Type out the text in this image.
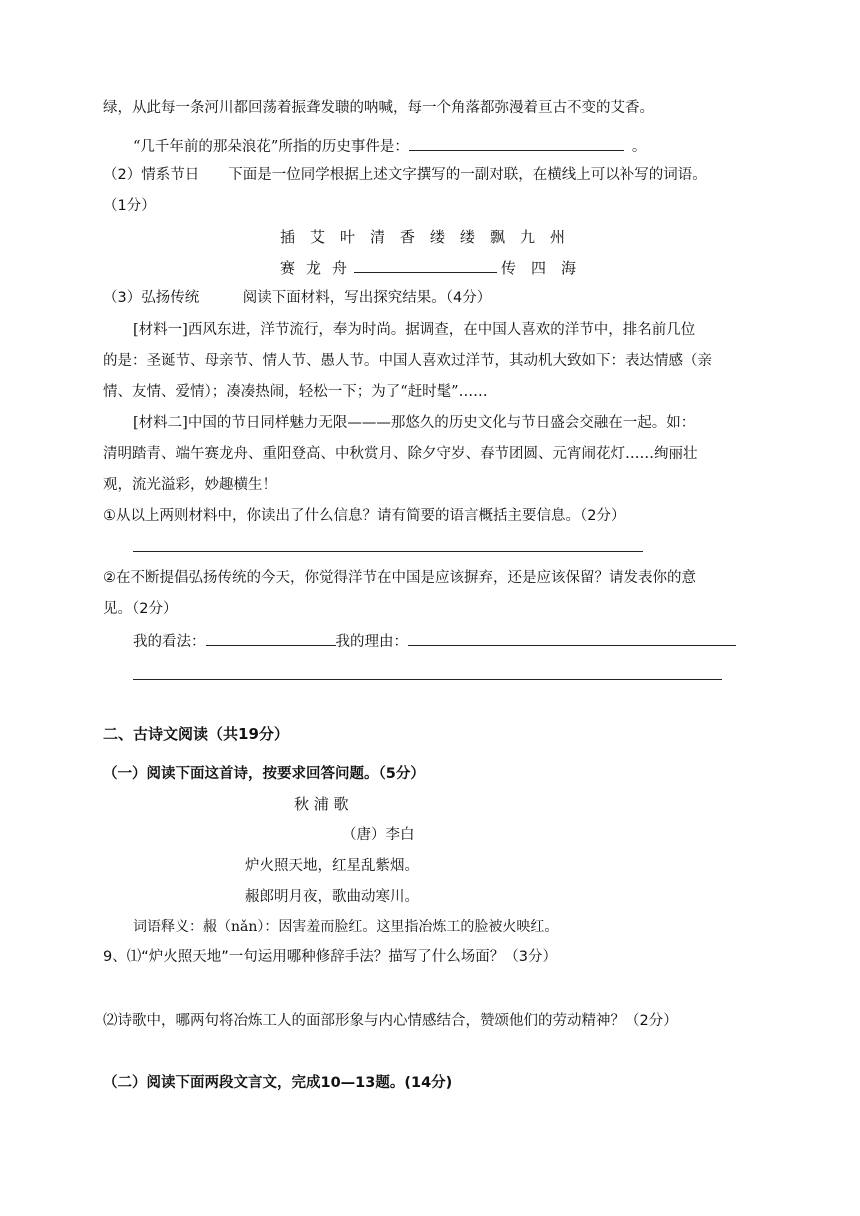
绿，从此每一条河川都回荡着振聋发聩的呐喊，每一个角落都弥漫着亘古不变的艾香。
“几千年前的那朵浪花”所指的历史事件是：	。
（2）情系节日　　下面是一位同学根据上述文字撰写的一副对联，在横线上可以补写的词语。
（1分）
插 艾 叶 清 香 缕 缕 飘 九 州
赛 龙 舟	传 四 海
（3）弘扬传统　　　阅读下面材料，写出探究结果。（4分）
[材料一]西风东进，洋节流行，奉为时尚。据调查，在中国人喜欢的洋节中，排名前几位
的是：圣诞节、母亲节、情人节、愚人节。中国人喜欢过洋节，其动机大致如下：表达情感（亲
情、友情、爱情）；凑凑热闹，轻松一下；为了“赶时髦”……
[材料二]中国的节日同样魅力无限———那悠久的历史文化与节日盛会交融在一起。如：
清明踏青、端午赛龙舟、重阳登高、中秋赏月、除夕守岁、春节团圆、元宵闹花灯……绚丽壮
观，流光溢彩，妙趣横生！
①从以上两则材料中，你读出了什么信息？请有简要的语言概括主要信息。（2分）
②在不断提倡弘扬传统的今天，你觉得洋节在中国是应该摒弃，还是应该保留？请发表你的意
见。（2分）
我的看法：	我的理由：
二、古诗文阅读（共19分）
（一）阅读下面这首诗，按要求回答问题。（5分）
秋 浦 歌
（唐）李白
炉火照天地，红星乱紫烟。
赧郎明月夜，歌曲动寒川。
词语释义：赧（nǎn）：因害羞而脸红。这里指冶炼工的脸被火映红。
9、⑴“炉火照天地”一句运用哪种修辞手法？描写了什么场面？（3分）
⑵诗歌中，哪两句将冶炼工人的面部形象与内心情感结合，赞颂他们的劳动精神？（2分）
（二）阅读下面两段文言文，完成10—13题。(14分)
